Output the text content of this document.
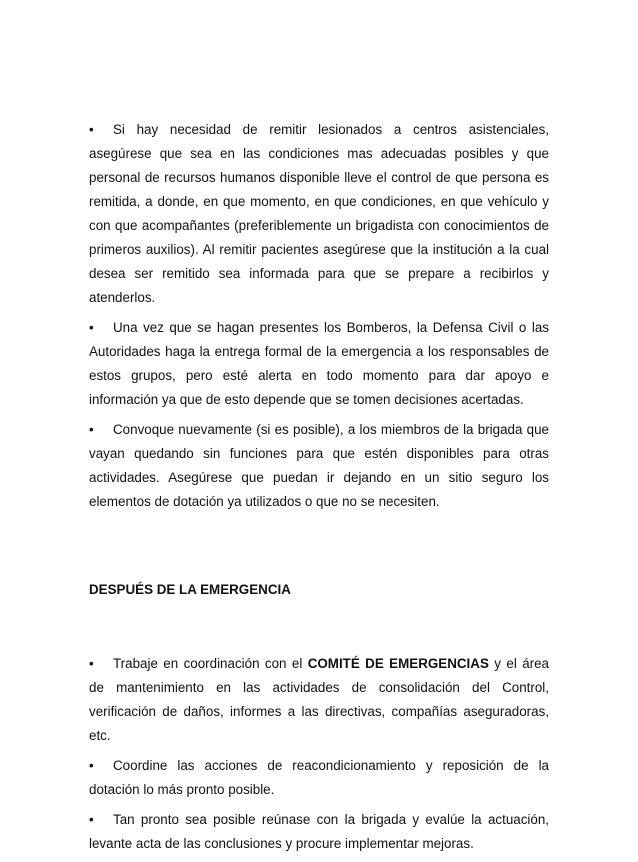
• Si hay necesidad de remitir lesionados a centros asistenciales, asegúrese que sea en las condiciones mas adecuadas posibles y que personal de recursos humanos disponible lleve el control de que persona es remitida, a donde, en que momento, en que condiciones, en que vehículo y con que acompañantes (preferiblemente un brigadista con conocimientos de primeros auxilios). Al remitir pacientes asegúrese que la institución a la cual desea ser remitido sea informada para que se prepare a recibirlos y atenderlos.

• Una vez que se hagan presentes los Bomberos, la Defensa Civil o las Autoridades haga la entrega formal de la emergencia a los responsables de estos grupos, pero esté alerta en todo momento para dar apoyo e información ya que de esto depende que se tomen decisiones acertadas.

• Convoque nuevamente (si es posible), a los miembros de la brigada que vayan quedando sin funciones para que estén disponibles para otras actividades. Asegúrese que puedan ir dejando en un sitio seguro los elementos de dotación ya utilizados o que no se necesiten.

DESPUÉS DE LA EMERGENCIA

• Trabaje en coordinación con el COMITÉ DE EMERGENCIAS y el área de mantenimiento en las actividades de consolidación del Control, verificación de daños, informes a las directivas, compañías aseguradoras, etc.

• Coordine las acciones de reacondicionamiento y reposición de la dotación lo más pronto posible.

• Tan pronto sea posible reúnase con la brigada y evalúe la actuación, levante acta de las conclusiones y procure implementar mejoras.
